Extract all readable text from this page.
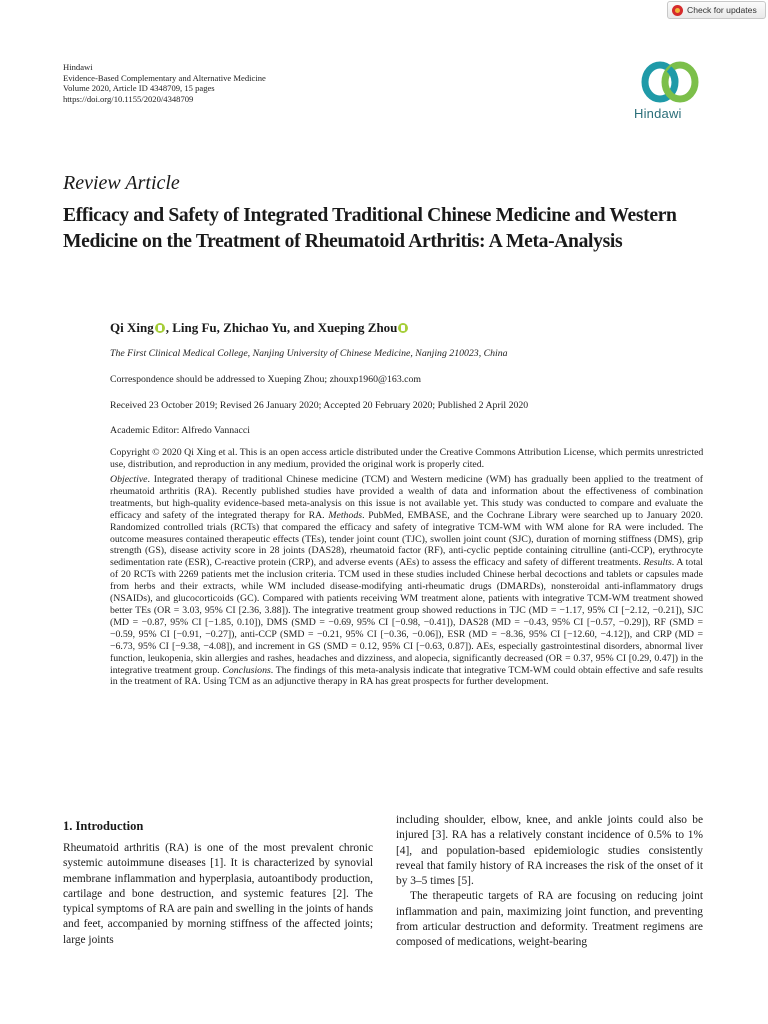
Check for updates
Hindawi
Evidence-Based Complementary and Alternative Medicine
Volume 2020, Article ID 4348709, 15 pages
https://doi.org/10.1155/2020/4348709
Hindawi
Review Article
Efficacy and Safety of Integrated Traditional Chinese Medicine and Western Medicine on the Treatment of Rheumatoid Arthritis: A Meta-Analysis
Qi Xing , Ling Fu, Zhichao Yu, and Xueping Zhou
The First Clinical Medical College, Nanjing University of Chinese Medicine, Nanjing 210023, China
Correspondence should be addressed to Xueping Zhou; zhouxp1960@163.com
Received 23 October 2019; Revised 26 January 2020; Accepted 20 February 2020; Published 2 April 2020
Academic Editor: Alfredo Vannacci
Copyright © 2020 Qi Xing et al. This is an open access article distributed under the Creative Commons Attribution License, which permits unrestricted use, distribution, and reproduction in any medium, provided the original work is properly cited.
Objective. Integrated therapy of traditional Chinese medicine (TCM) and Western medicine (WM) has gradually been applied to the treatment of rheumatoid arthritis (RA). Recently published studies have provided a wealth of data and information about the effectiveness of combination treatments, but high-quality evidence-based meta-analysis on this issue is not available yet. This study was conducted to compare and evaluate the efficacy and safety of the integrated therapy for RA. Methods. PubMed, EMBASE, and the Cochrane Library were searched up to January 2020. Randomized controlled trials (RCTs) that compared the efficacy and safety of integrative TCM-WM with WM alone for RA were included. The outcome measures contained therapeutic effects (TEs), tender joint count (TJC), swollen joint count (SJC), duration of morning stiffness (DMS), grip strength (GS), disease activity score in 28 joints (DAS28), rheumatoid factor (RF), anti-cyclic peptide containing citrulline (anti-CCP), erythrocyte sedimentation rate (ESR), C-reactive protein (CRP), and adverse events (AEs) to assess the efficacy and safety of different treatments. Results. A total of 20 RCTs with 2269 patients met the inclusion criteria. TCM used in these studies included Chinese herbal decoctions and tablets or capsules made from herbs and their extracts, while WM included disease-modifying anti-rheumatic drugs (DMARDs), nonsteroidal anti-inflammatory drugs (NSAIDs), and glucocorticoids (GC). Compared with patients receiving WM treatment alone, patients with integrative TCM-WM treatment showed better TEs (OR = 3.03, 95% CI [2.36, 3.88]). The integrative treatment group showed reductions in TJC (MD = −1.17, 95% CI [−2.12, −0.21]), SJC (MD = −0.87, 95% CI [−1.85, 0.10]), DMS (SMD = −0.69, 95% CI [−0.98, −0.41]), DAS28 (MD = −0.43, 95% CI [−0.57, −0.29]), RF (SMD = −0.59, 95% CI [−0.91, −0.27]), anti-CCP (SMD = −0.21, 95% CI [−0.36, −0.06]), ESR (MD = −8.36, 95% CI [−12.60, −4.12]), and CRP (MD = −6.73, 95% CI [−9.38, −4.08]), and increment in GS (SMD = 0.12, 95% CI [−0.63, 0.87]). AEs, especially gastrointestinal disorders, abnormal liver function, leukopenia, skin allergies and rashes, headaches and dizziness, and alopecia, significantly decreased (OR = 0.37, 95% CI [0.29, 0.47]) in the integrative treatment group. Conclusions. The findings of this meta-analysis indicate that integrative TCM-WM could obtain effective and safe results in the treatment of RA. Using TCM as an adjunctive therapy in RA has great prospects for further development.
1. Introduction
Rheumatoid arthritis (RA) is one of the most prevalent chronic systemic autoimmune diseases [1]. It is characterized by synovial membrane inflammation and hyperplasia, autoantibody production, cartilage and bone destruction, and systemic features [2]. The typical symptoms of RA are pain and swelling in the joints of hands and feet, accompanied by morning stiffness of the affected joints; large joints

including shoulder, elbow, knee, and ankle joints could also be injured [3]. RA has a relatively constant incidence of 0.5% to 1% [4], and population-based epidemiologic studies consistently reveal that family history of RA increases the risk of the onset of it by 3–5 times [5].

The therapeutic targets of RA are focusing on reducing joint inflammation and pain, maximizing joint function, and preventing from articular destruction and deformity. Treatment regimens are composed of medications, weight-bearing
